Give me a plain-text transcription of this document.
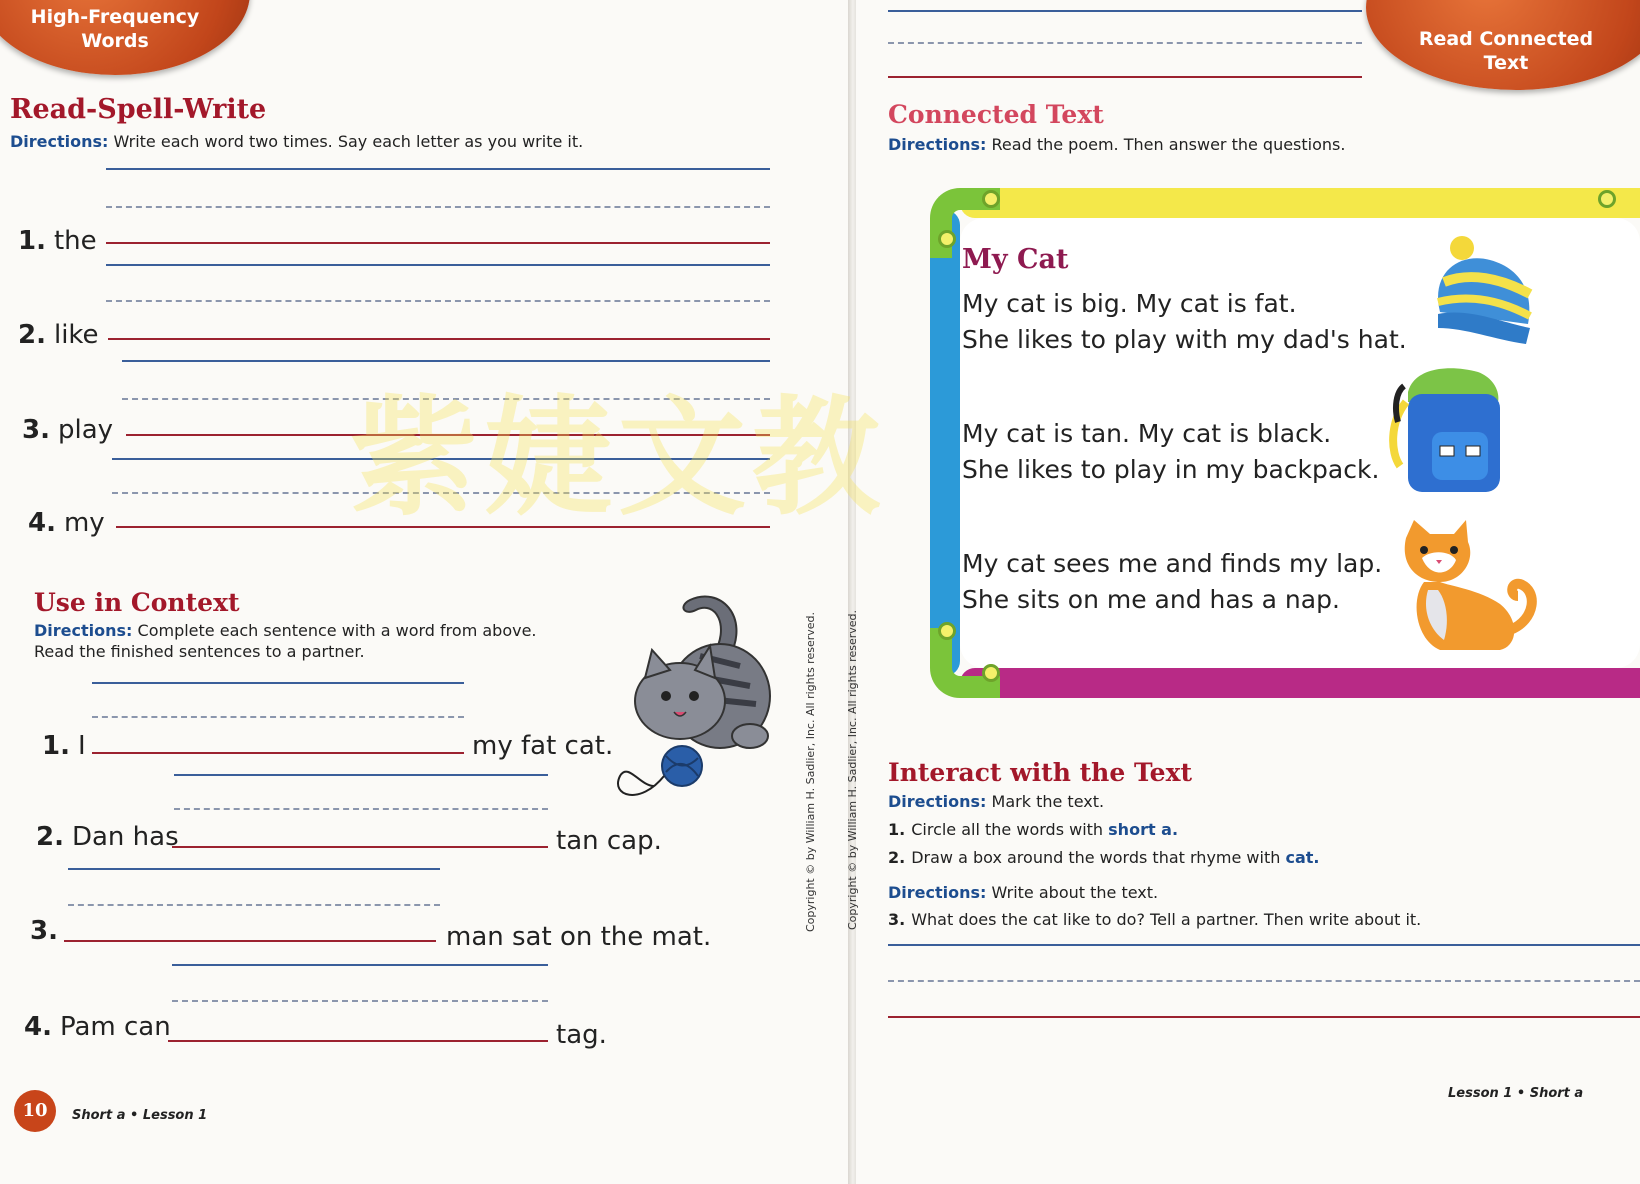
High-Frequency
Words
Read-Spell-Write
Directions: Write each word two times. Say each letter as you write it.
1. the
2. like
3. play
4. my
Use in Context
Directions: Complete each sentence with a word from above.
Read the finished sentences to a partner.
1. I	my fat cat.
2. Dan has	tan cap.
3.	man sat on the mat.
4. Pam can	tag.
Copyright © by William H. Sadlier, Inc. All rights reserved.
10	Short a • Lesson 1
Read Connected
Text
Connected Text
Directions: Read the poem. Then answer the questions.
My Cat
My cat is big. My cat is fat.
She likes to play with my dad's hat.
My cat is tan. My cat is black.
She likes to play in my backpack.
My cat sees me and finds my lap.
She sits on me and has a nap.
Interact with the Text
Directions: Mark the text.
1. Circle all the words with short a.
2. Draw a box around the words that rhyme with cat.
Directions: Write about the text.
3. What does the cat like to do? Tell a partner. Then write about it.
Copyright © by William H. Sadlier, Inc. All rights reserved.
Lesson 1 • Short a
紫婕文教
